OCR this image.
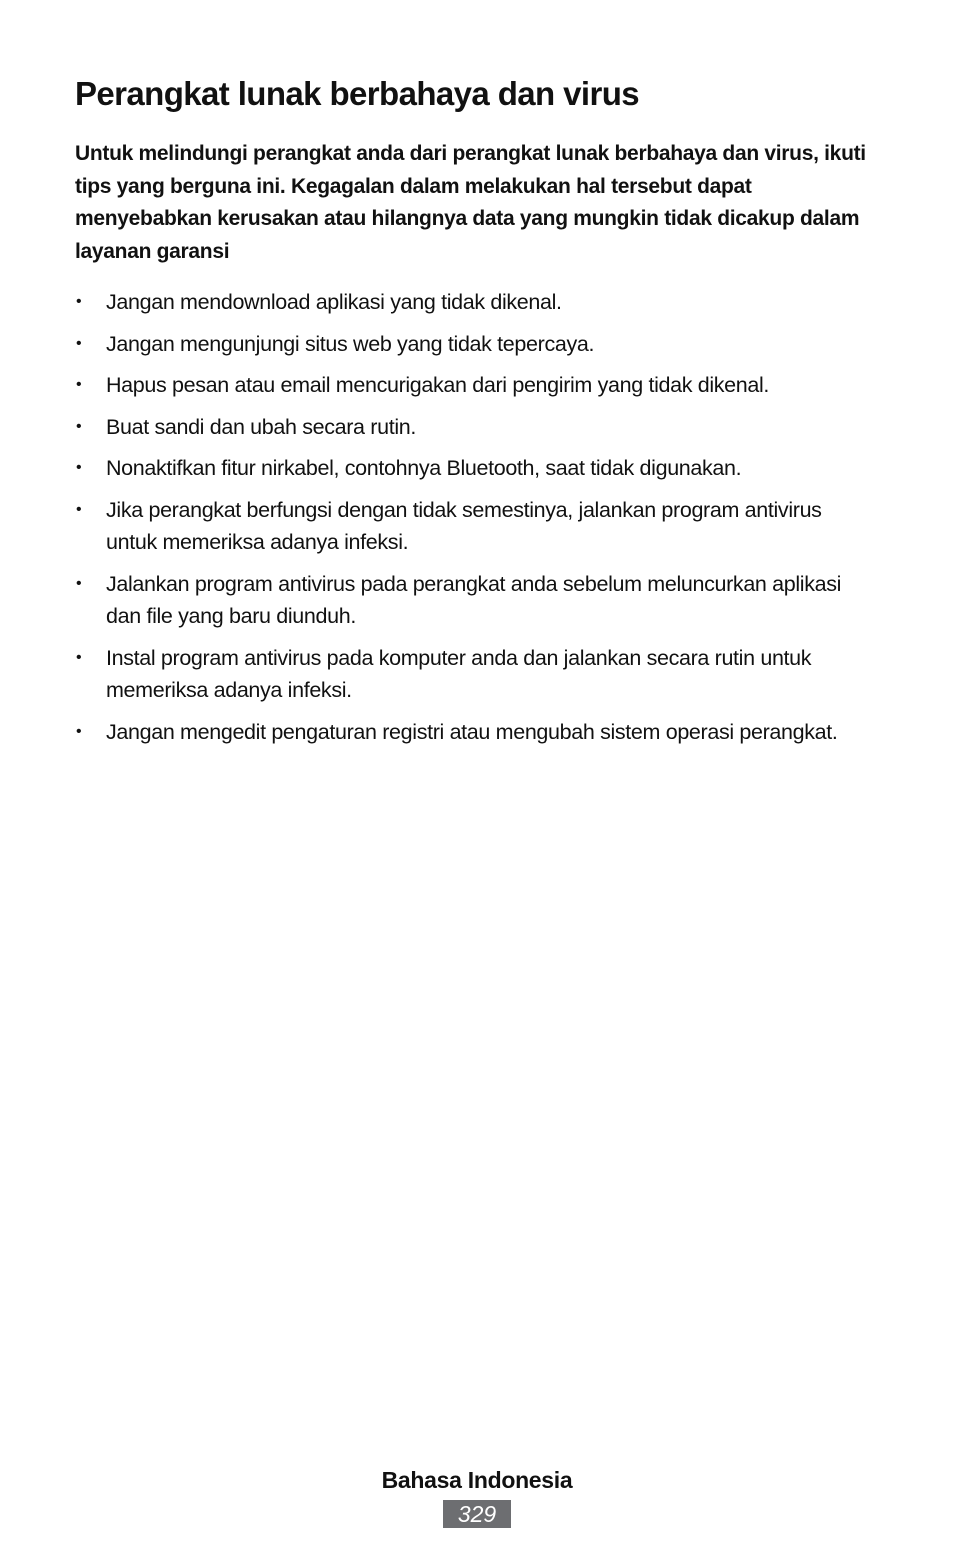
Perangkat lunak berbahaya dan virus

Untuk melindungi perangkat anda dari perangkat lunak berbahaya dan virus, ikuti tips yang berguna ini. Kegagalan dalam melakukan hal tersebut dapat menyebabkan kerusakan atau hilangnya data yang mungkin tidak dicakup dalam layanan garansi

•	Jangan mendownload aplikasi yang tidak dikenal.
•	Jangan mengunjungi situs web yang tidak tepercaya.
•	Hapus pesan atau email mencurigakan dari pengirim yang tidak dikenal.
•	Buat sandi dan ubah secara rutin.
•	Nonaktifkan fitur nirkabel, contohnya Bluetooth, saat tidak digunakan.
•	Jika perangkat berfungsi dengan tidak semestinya, jalankan program antivirus untuk memeriksa adanya infeksi.
•	Jalankan program antivirus pada perangkat anda sebelum meluncurkan aplikasi dan file yang baru diunduh.
•	Instal program antivirus pada komputer anda dan jalankan secara rutin untuk memeriksa adanya infeksi.
•	Jangan mengedit pengaturan registri atau mengubah sistem operasi perangkat.
Bahasa Indonesia
329
